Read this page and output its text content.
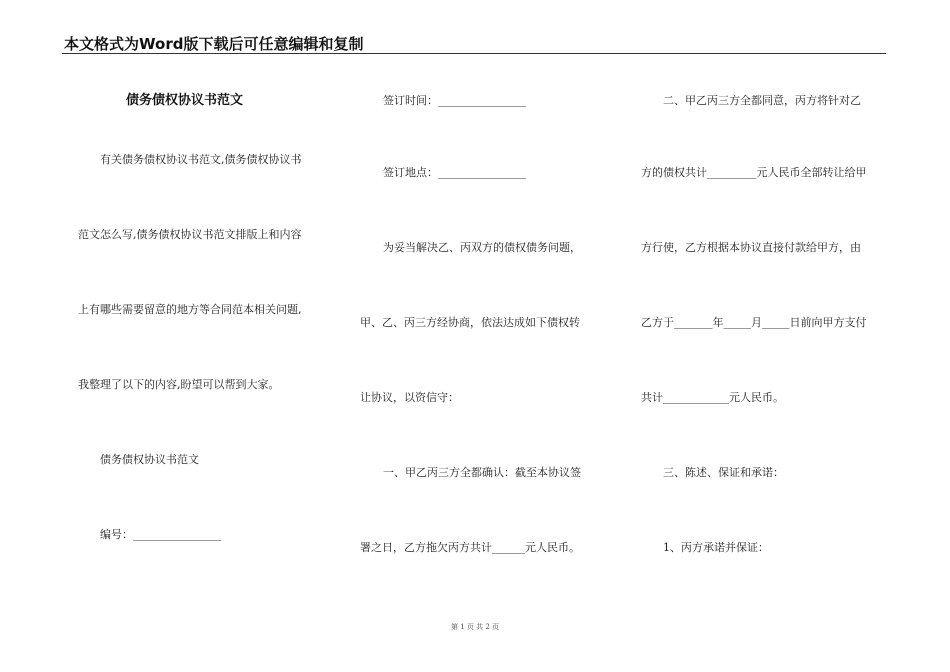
本文格式为Word版下载后可任意编辑和复制
债务债权协议书范文
有关债务债权协议书范文,债务债权协议书
范文怎么写,债务债权协议书范文排版上和内容
上有哪些需要留意的地方等合同范本相关问题,
我整理了以下的内容,盼望可以帮到大家。
债务债权协议书范文
编号：________________
签订时间：________________
签订地点：________________
为妥当解决乙、丙双方的债权债务问题，
甲、乙、丙三方经协商，依法达成如下债权转
让协议，以资信守：
一、甲乙丙三方全都确认：截至本协议签
署之日，乙方拖欠丙方共计______元人民币。
二、甲乙丙三方全都同意，丙方将针对乙
方的债权共计_________元人民币全部转让给甲
方行使，乙方根据本协议直接付款给甲方，由
乙方于_______年_____月_____日前向甲方支付
共计____________元人民币。
三、陈述、保证和承诺：
1、丙方承诺并保证：
第 1 页 共 2 页
